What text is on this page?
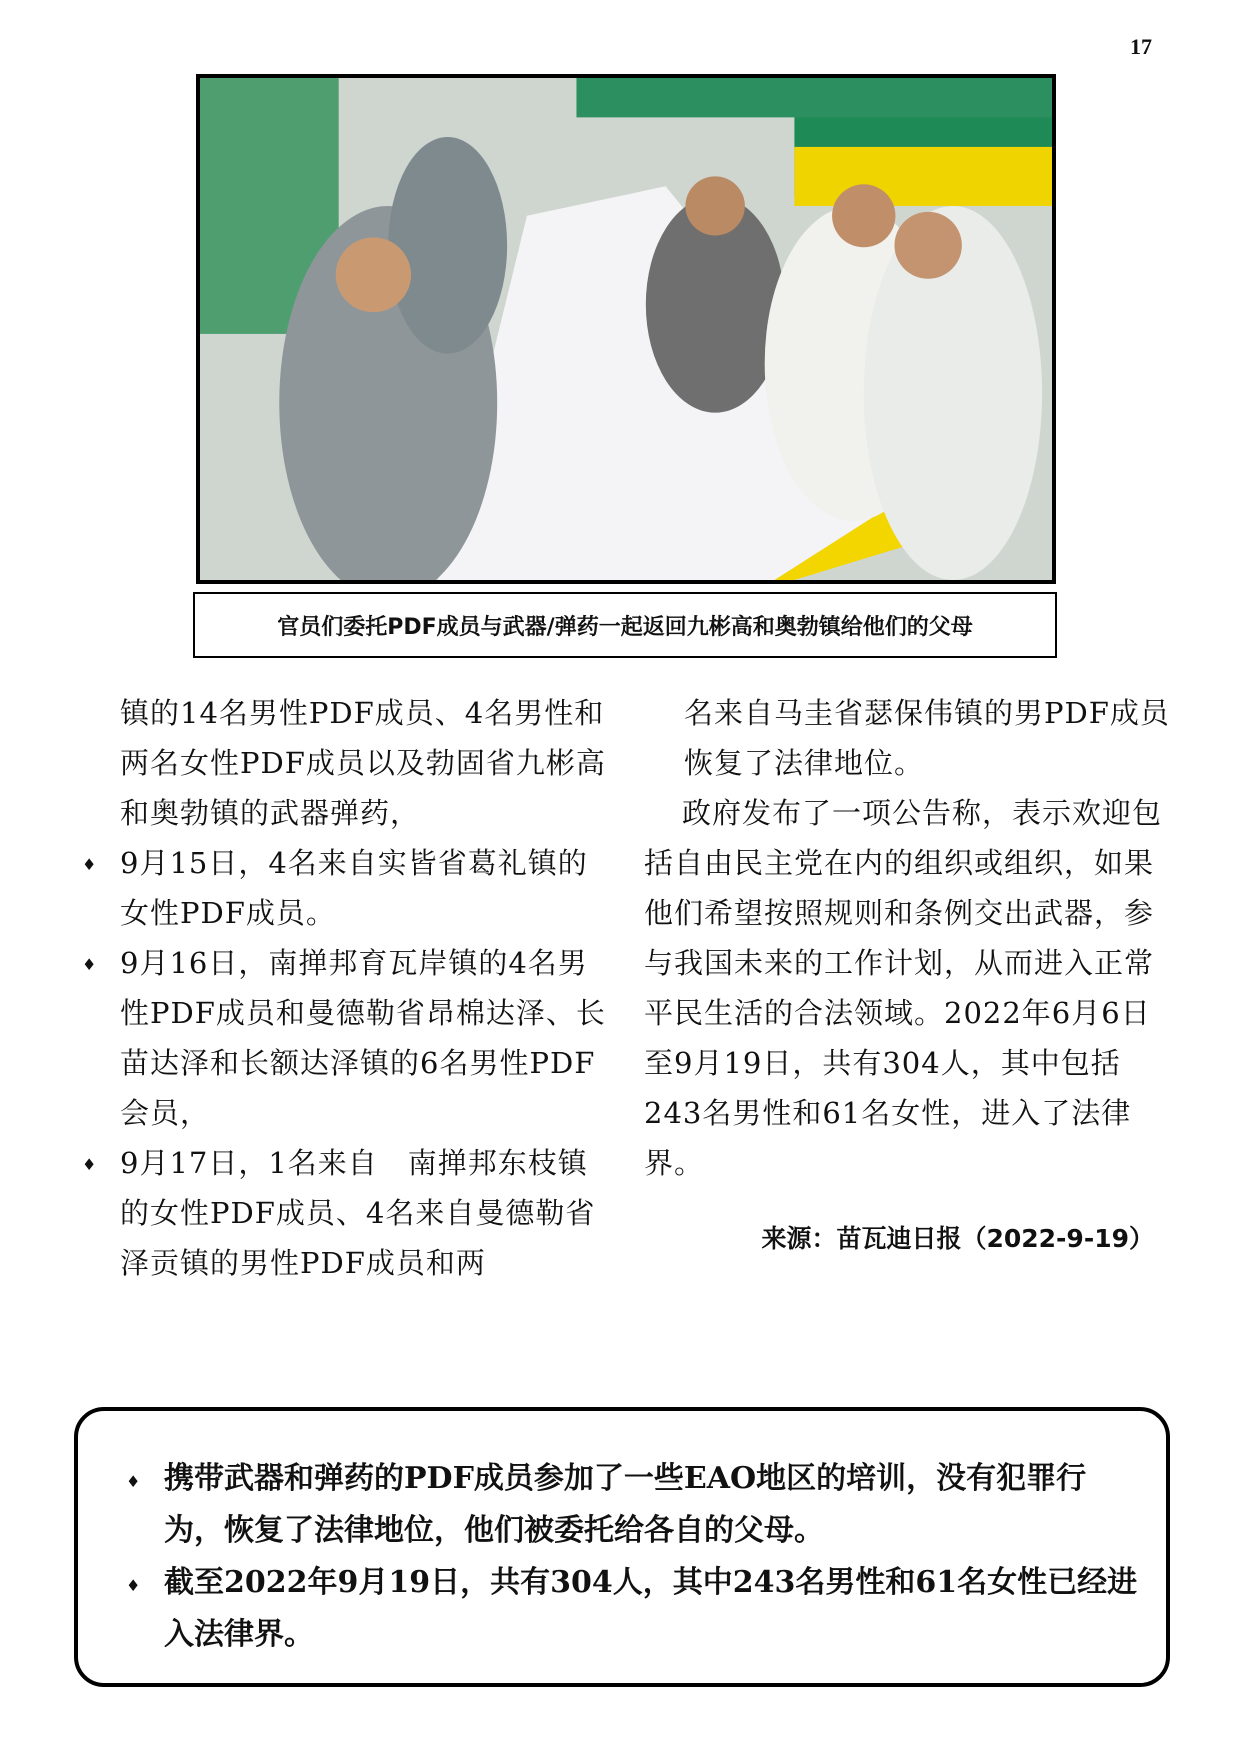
17
官员们委托PDF成员与武器/弹药一起返回九彬高和奥勃镇给他们的父母

镇的14名男性PDF成员、4名男性和两名女性PDF成员以及勃固省九彬高和奥勃镇的武器弹药，

♦ 9月15日，4名来自实皆省葛礼镇的女性PDF成员。

♦ 9月16日，南掸邦育瓦岸镇的4名男性PDF成员和曼德勒省昂棉达泽、长苗达泽和长额达泽镇的6名男性PDF会员，

♦ 9月17日，1名来自　南掸邦东枝镇的女性PDF成员、4名来自曼德勒省泽贡镇的男性PDF成员和两

名来自马圭省瑟保伟镇的男PDF成员恢复了法律地位。

政府发布了一项公告称，表示欢迎包括自由民主党在内的组织或组织，如果他们希望按照规则和条例交出武器，参与我国未来的工作计划，从而进入正常平民生活的合法领域。2022年6月6日至9月19日，共有304人，其中包括243名男性和61名女性，进入了法律界。

来源：苗瓦迪日报（2022-9-19）

♦ 携带武器和弹药的PDF成员参加了一些EAO地区的培训，没有犯罪行为，恢复了法律地位，他们被委托给各自的父母。

♦ 截至2022年9月19日，共有304人，其中243名男性和61名女性已经进入法律界。
